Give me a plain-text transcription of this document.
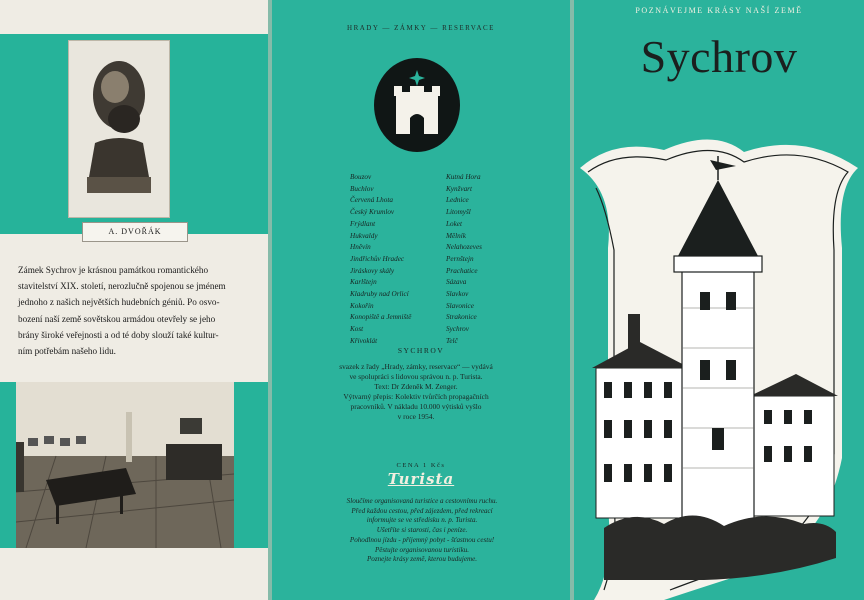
A. DVOŘÁK

Zámek Sychrov je krásnou památkou romantického

stavitelství XIX. století, nerozlučně spojenou se jménem

jednoho z našich největších hudebních géniů. Po osvo-

bození naší země sovětskou armádou otevřely se jeho

brány široké veřejnosti a od té doby slouží také kultur-

ním potřebám našeho lidu.

HRADY — ZÁMKY — RESERVACE
Bouzov
Buchlov
Červená Lhota
Český Krumlov
Frýdlant
Hukvaldy
Hněvín
Jindřichův Hradec
Jiráskovy skály
Karlštejn
Kladruby nad Orlicí
Kokořín
Konopiště a Jemniště
Kost
Křivoklát
Kutná Hora
Kynžvart
Lednice
Litomyšl
Loket
Mělník
Nelahozeves
Pernštejn
Prachatice
Sázava
Slavkov
Slavonice
Strakonice
Sychrov
Telč
SYCHROV
svazek z řady „Hrady, zámky, reservace“ — vydává
ve spolupráci s lidovou správou n. p. Turista.
Text: Dr Zdeněk M. Zenger.
Výtvarný přepis: Kolektiv tvůrčích propagačních
pracovníků. V nákladu 10.000 výtisků vyšlo
v roce 1954.
CENA 1 Kčs
Turista
Sloučíme organisovaná turistice a cestovnímu ruchu.
Před každou cestou, před zájezdem, před rekreací
informujte se ve středisku n. p. Turista.
Ušetříte si starosti, čas i peníze.
Pohodlnou jízdu - příjemný pobyt - šťastnou cestu!
Pěstujte organisovanou turistiku.
Poznejte krásy země, kterou budujeme.
POZNÁVEJME KRÁSY NAŠÍ ZEMĚ
Sychrov
